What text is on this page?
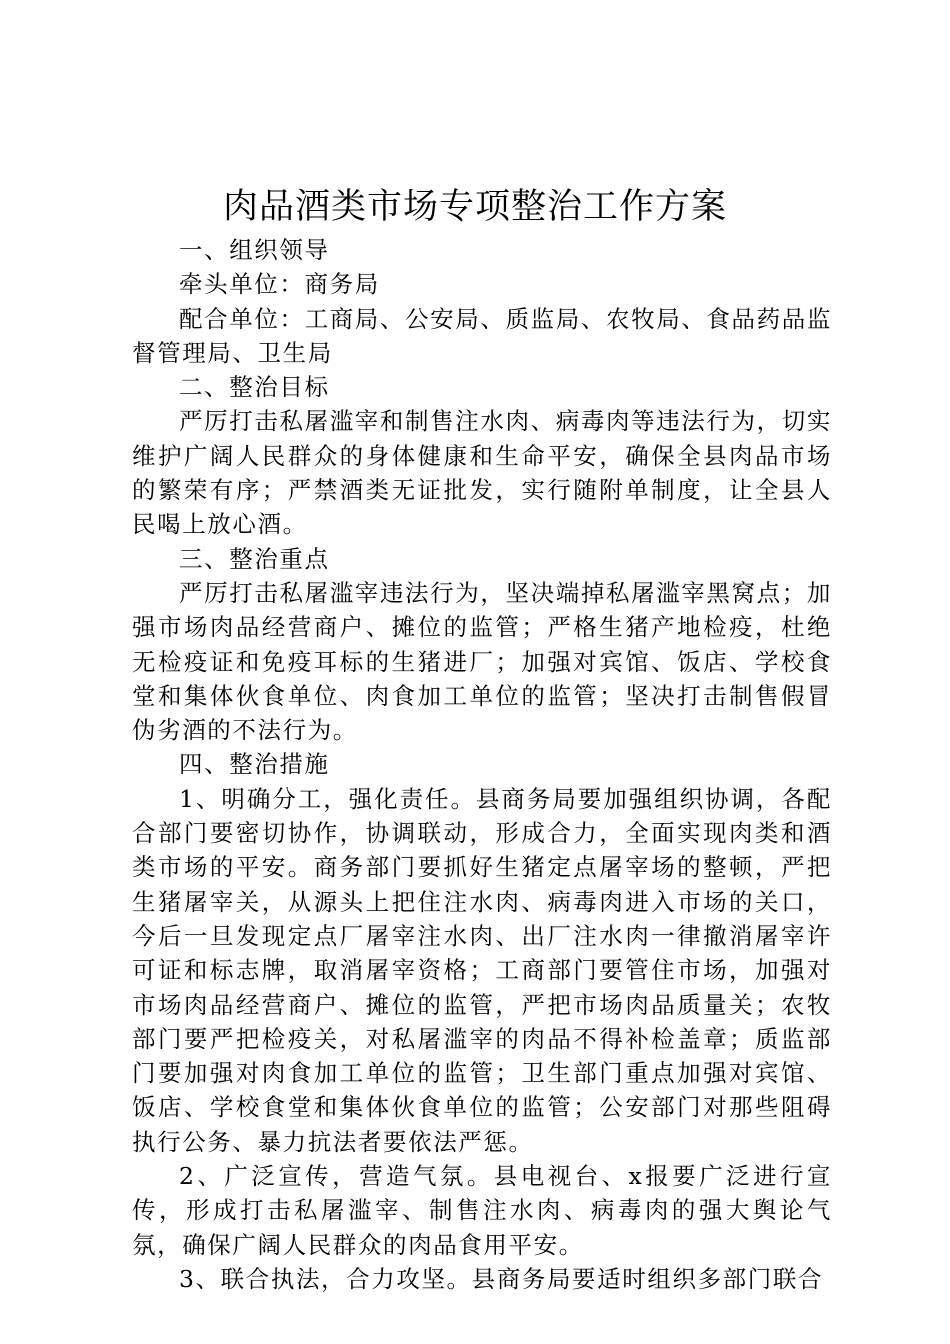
肉品酒类市场专项整治工作方案

一、组织领导

牵头单位：商务局

配合单位：工商局、公安局、质监局、农牧局、食品药品监督管理局、卫生局

二、整治目标

严厉打击私屠滥宰和制售注水肉、病毒肉等违法行为，切实维护广阔人民群众的身体健康和生命平安，确保全县肉品市场的繁荣有序；严禁酒类无证批发，实行随附单制度，让全县人民喝上放心酒。

三、整治重点

严厉打击私屠滥宰违法行为，坚决端掉私屠滥宰黑窝点；加强市场肉品经营商户、摊位的监管；严格生猪产地检疫，杜绝无检疫证和免疫耳标的生猪进厂；加强对宾馆、饭店、学校食堂和集体伙食单位、肉食加工单位的监管；坚决打击制售假冒伪劣酒的不法行为。

四、整治措施

1、明确分工，强化责任。县商务局要加强组织协调，各配合部门要密切协作，协调联动，形成合力，全面实现肉类和酒类市场的平安。商务部门要抓好生猪定点屠宰场的整顿，严把生猪屠宰关，从源头上把住注水肉、病毒肉进入市场的关口，今后一旦发现定点厂屠宰注水肉、出厂注水肉一律撤消屠宰许可证和标志牌，取消屠宰资格；工商部门要管住市场，加强对市场肉品经营商户、摊位的监管，严把市场肉品质量关；农牧部门要严把检疫关，对私屠滥宰的肉品不得补检盖章；质监部门要加强对肉食加工单位的监管；卫生部门重点加强对宾馆、饭店、学校食堂和集体伙食单位的监管；公安部门对那些阻碍执行公务、暴力抗法者要依法严惩。

2、广泛宣传，营造气氛。县电视台、x报要广泛进行宣传，形成打击私屠滥宰、制售注水肉、病毒肉的强大舆论气氛，确保广阔人民群众的肉品食用平安。

3、联合执法，合力攻坚。县商务局要适时组织多部门联合
